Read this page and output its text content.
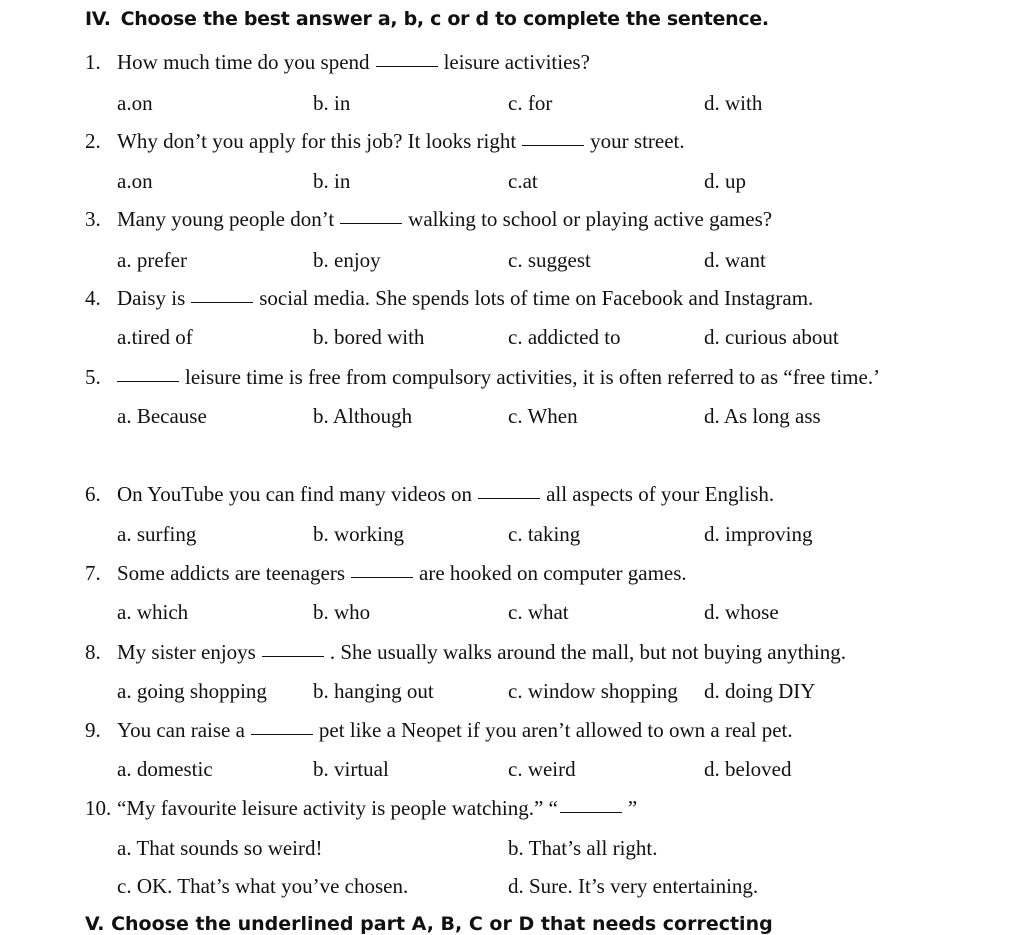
IV. Choose the best answer a, b, c or d to complete the sentence.
1. How much time do you spend	leisure activities?
a.on	b. in	c. for	d. with
2. Why don’t you apply for this job? It looks right	your street.
a.on	b. in	c.at	d. up
3. Many young people don’t	walking to school or playing active games?
a. prefer	b. enjoy	c. suggest	d. want
4. Daisy is	social media. She spends lots of time on Facebook and Instagram.
a.tired of	b. bored with	c. addicted to	d. curious about
5.	leisure time is free from compulsory activities, it is often referred to as “free time.’
a. Because	b. Although	c. When	d. As long ass
6. On YouTube you can find many videos on	all aspects of your English.
a. surfing	b. working	c. taking	d. improving
7. Some addicts are teenagers	are hooked on computer games.
a. which	b. who	c. what	d. whose
8. My sister enjoys	. She usually walks around the mall, but not buying anything.
a. going shopping b. hanging out	c. window shopping d. doing DIY
9. You can raise a	pet like a Neopet if you aren’t allowed to own a real pet.
a. domestic	b. virtual	c. weird	d. beloved
10. “My favourite leisure activity is people watching.” “	”
a. That sounds so weird!	b. That’s all right.
c. OK. That’s what you’ve chosen.	d. Sure. It’s very entertaining.
V. Choose the underlined part A, B, C or D that needs correcting
